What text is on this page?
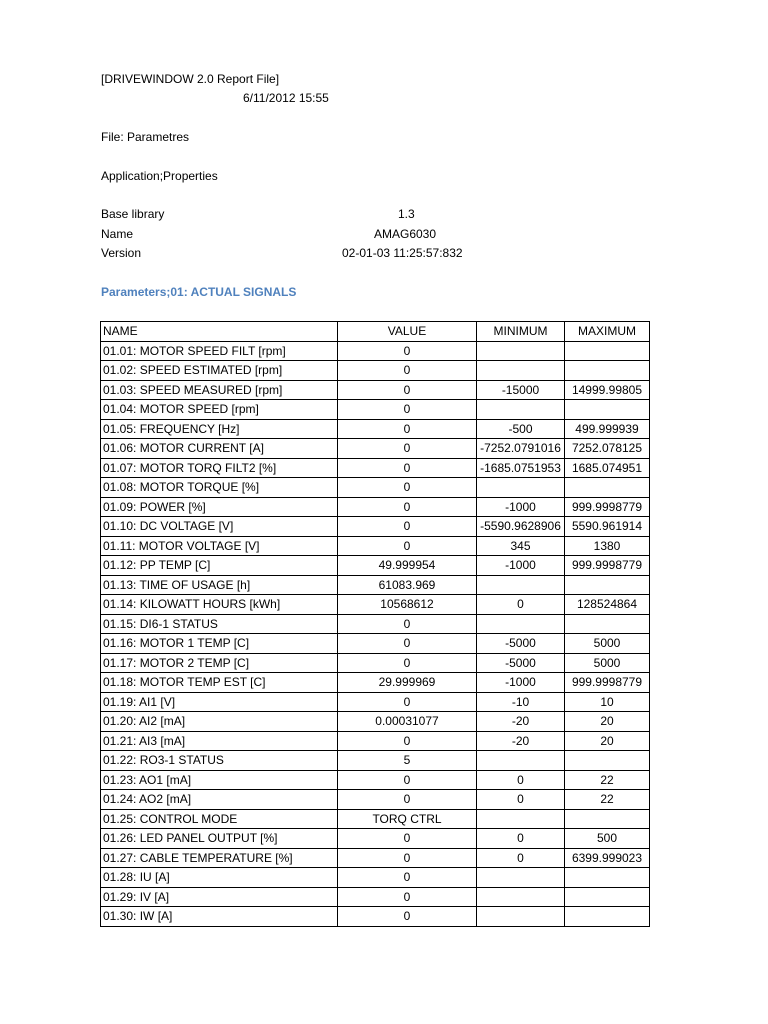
[DRIVEWINDOW 2.0 Report File]
6/11/2012 15:55
File: Parametres
Application;Properties
Base library	1.3
Name	AMAG6030
Version	02-01-03 11:25:57:832
Parameters;01: ACTUAL SIGNALS
NAME	VALUE	MINIMUM	MAXIMUM
01.01: MOTOR SPEED FILT [rpm]	0		
01.02: SPEED ESTIMATED [rpm]	0		
01.03: SPEED MEASURED [rpm]	0	-15000	14999.99805
01.04: MOTOR SPEED [rpm]	0		
01.05: FREQUENCY [Hz]	0	-500	499.999939
01.06: MOTOR CURRENT [A]	0	-7252.0791016	7252.078125
01.07: MOTOR TORQ FILT2 [%]	0	-1685.0751953	1685.074951
01.08: MOTOR TORQUE [%]	0		
01.09: POWER [%]	0	-1000	999.9998779
01.10: DC VOLTAGE [V]	0	-5590.9628906	5590.961914
01.11: MOTOR VOLTAGE [V]	0	345	1380
01.12: PP TEMP [C]	49.999954	-1000	999.9998779
01.13: TIME OF USAGE [h]	61083.969		
01.14: KILOWATT HOURS [kWh]	10568612	0	128524864
01.15: DI6-1 STATUS	0		
01.16: MOTOR 1 TEMP [C]	0	-5000	5000
01.17: MOTOR 2 TEMP [C]	0	-5000	5000
01.18: MOTOR TEMP EST [C]	29.999969	-1000	999.9998779
01.19: AI1 [V]	0	-10	10
01.20: AI2 [mA]	0.00031077	-20	20
01.21: AI3 [mA]	0	-20	20
01.22: RO3-1 STATUS	5		
01.23: AO1 [mA]	0	0	22
01.24: AO2 [mA]	0	0	22
01.25: CONTROL MODE	TORQ CTRL		
01.26: LED PANEL OUTPUT [%]	0	0	500
01.27: CABLE TEMPERATURE [%]	0	0	6399.999023
01.28: IU [A]	0		
01.29: IV [A]	0		
01.30: IW [A]	0		
